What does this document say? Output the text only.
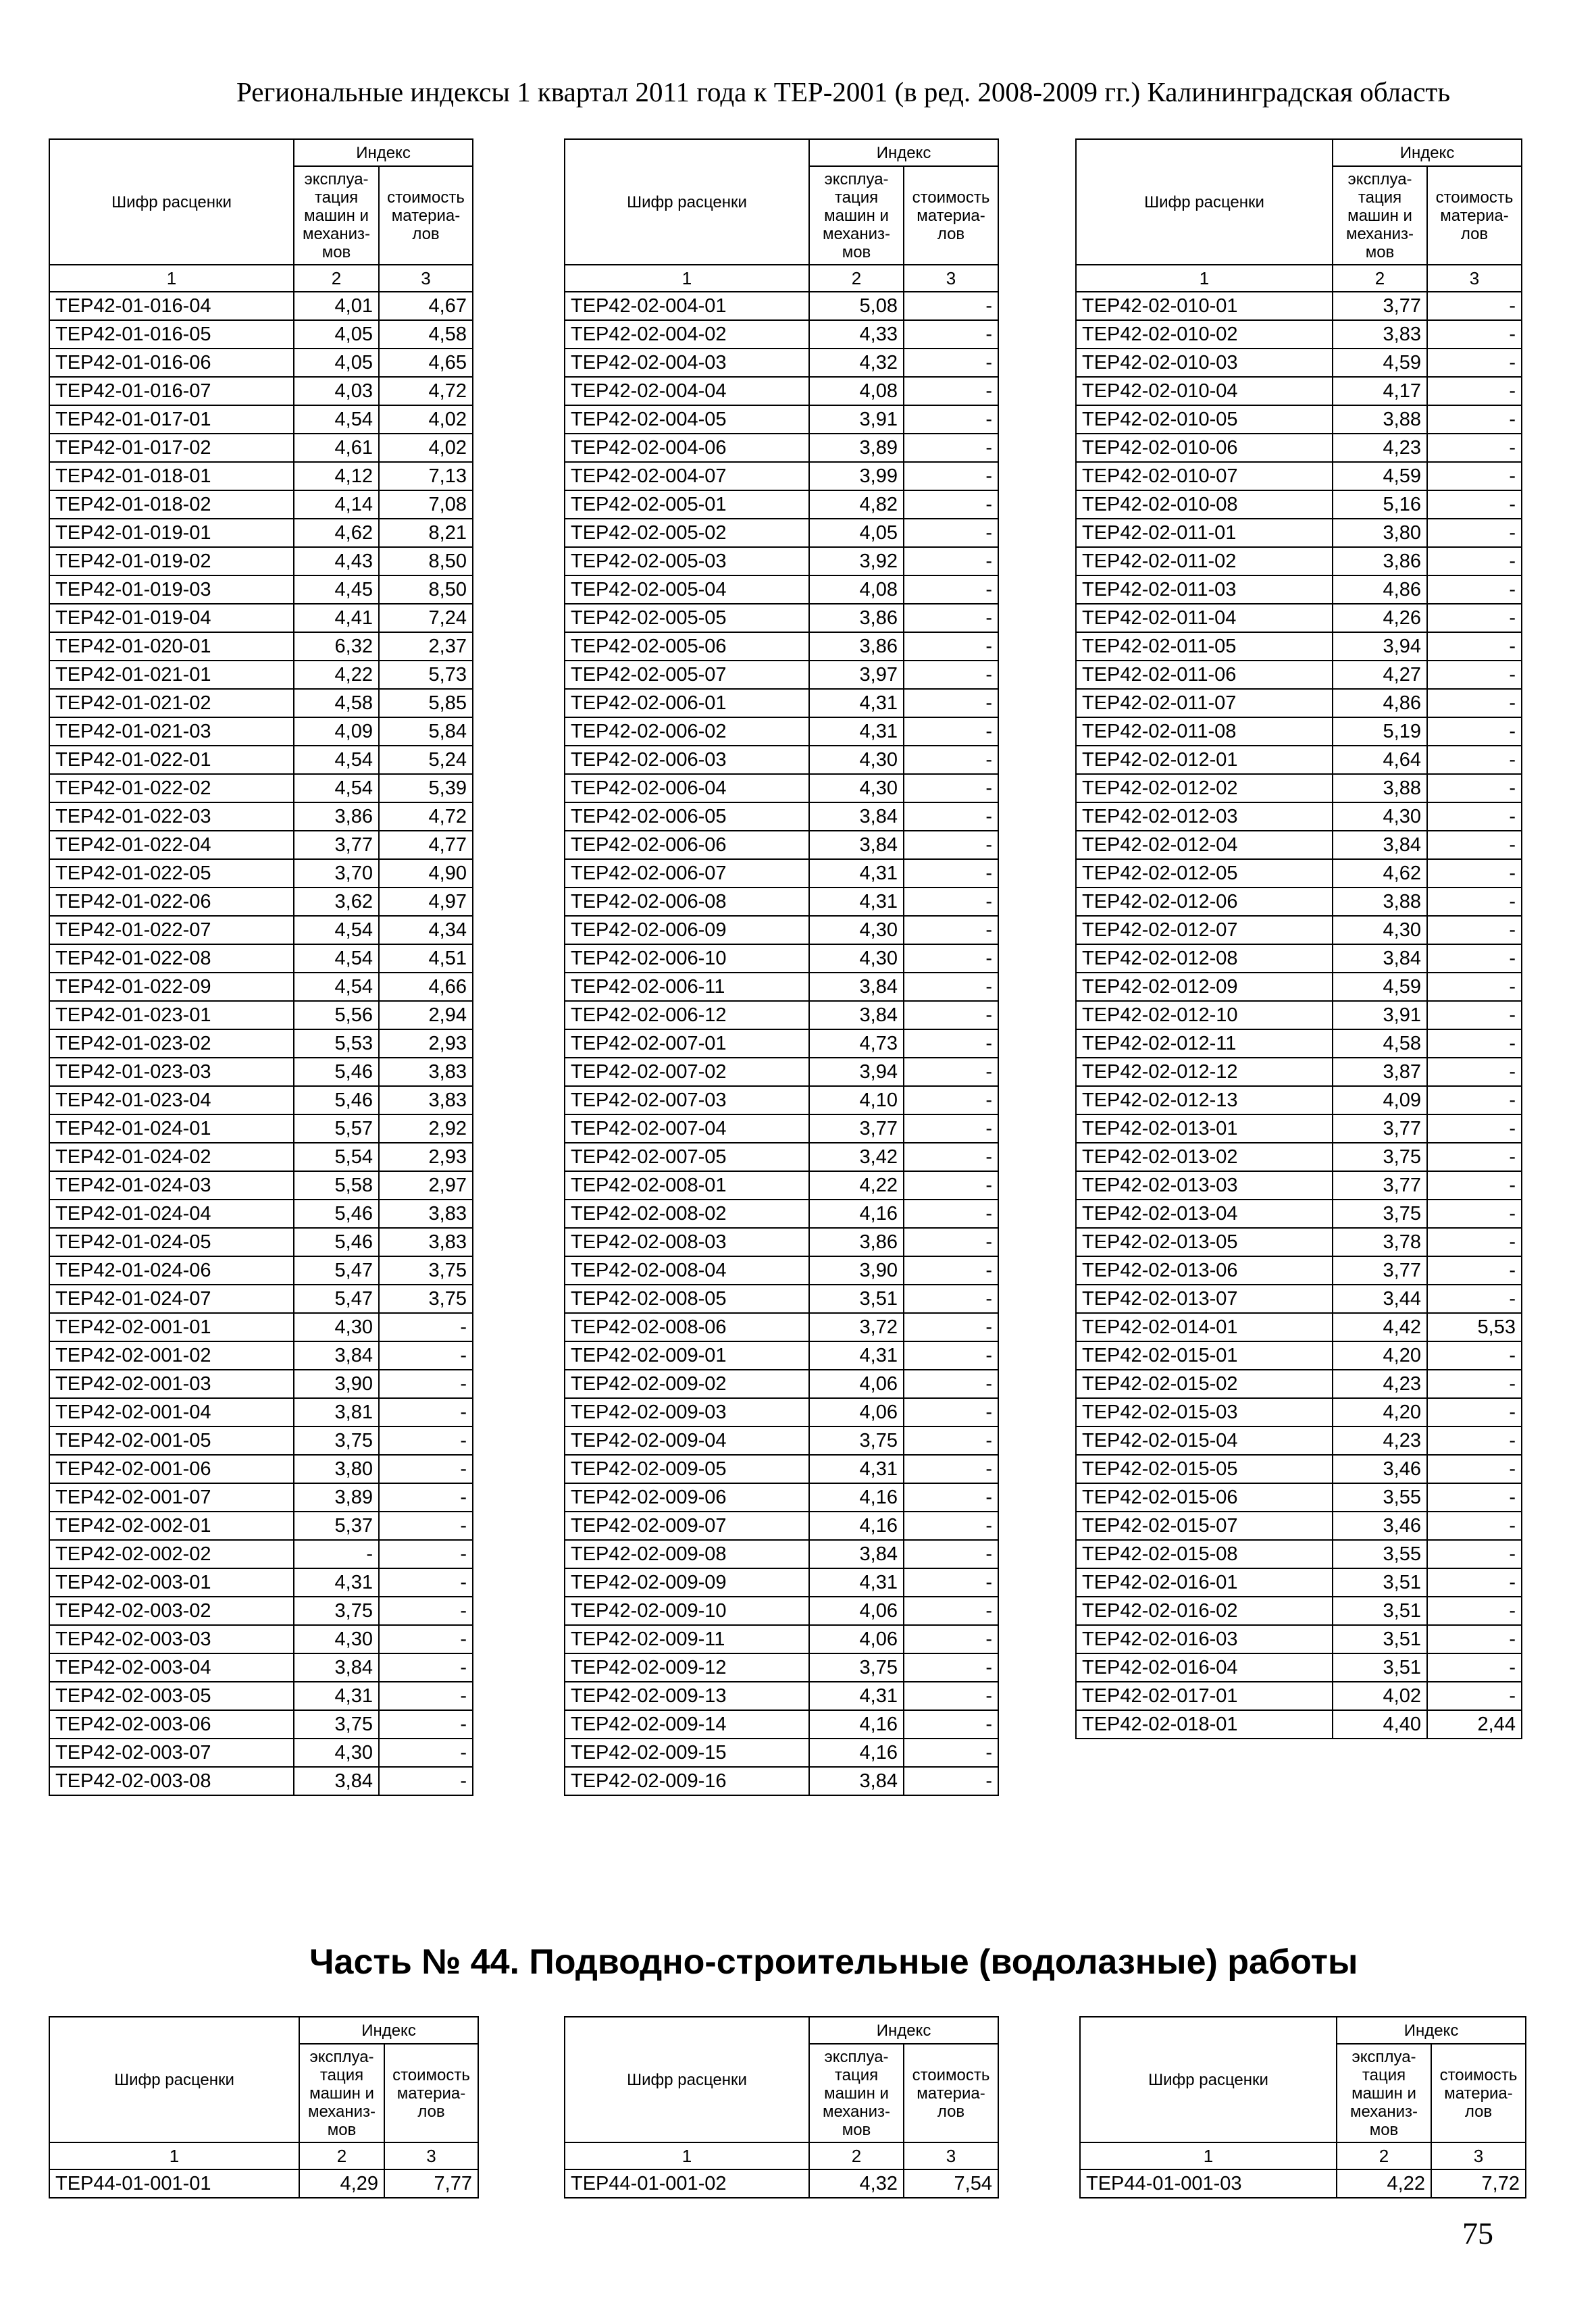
Региональные индексы 1 квартал 2011 года к ТЕР-2001 (в ред. 2008-2009 гг.) Калининградская область
Шифр расценки	Индекс	
	эксплуа-тация машин и механиз-мов	стоимость материа-лов
1	2	3
ТЕР42-01-016-04	4,01	4,67
ТЕР42-01-016-05	4,05	4,58
ТЕР42-01-016-06	4,05	4,65
ТЕР42-01-016-07	4,03	4,72
ТЕР42-01-017-01	4,54	4,02
ТЕР42-01-017-02	4,61	4,02
ТЕР42-01-018-01	4,12	7,13
ТЕР42-01-018-02	4,14	7,08
ТЕР42-01-019-01	4,62	8,21
ТЕР42-01-019-02	4,43	8,50
ТЕР42-01-019-03	4,45	8,50
ТЕР42-01-019-04	4,41	7,24
ТЕР42-01-020-01	6,32	2,37
ТЕР42-01-021-01	4,22	5,73
ТЕР42-01-021-02	4,58	5,85
ТЕР42-01-021-03	4,09	5,84
ТЕР42-01-022-01	4,54	5,24
ТЕР42-01-022-02	4,54	5,39
ТЕР42-01-022-03	3,86	4,72
ТЕР42-01-022-04	3,77	4,77
ТЕР42-01-022-05	3,70	4,90
ТЕР42-01-022-06	3,62	4,97
ТЕР42-01-022-07	4,54	4,34
ТЕР42-01-022-08	4,54	4,51
ТЕР42-01-022-09	4,54	4,66
ТЕР42-01-023-01	5,56	2,94
ТЕР42-01-023-02	5,53	2,93
ТЕР42-01-023-03	5,46	3,83
ТЕР42-01-023-04	5,46	3,83
ТЕР42-01-024-01	5,57	2,92
ТЕР42-01-024-02	5,54	2,93
ТЕР42-01-024-03	5,58	2,97
ТЕР42-01-024-04	5,46	3,83
ТЕР42-01-024-05	5,46	3,83
ТЕР42-01-024-06	5,47	3,75
ТЕР42-01-024-07	5,47	3,75
ТЕР42-02-001-01	4,30	-
ТЕР42-02-001-02	3,84	-
ТЕР42-02-001-03	3,90	-
ТЕР42-02-001-04	3,81	-
ТЕР42-02-001-05	3,75	-
ТЕР42-02-001-06	3,80	-
ТЕР42-02-001-07	3,89	-
ТЕР42-02-002-01	5,37	-
ТЕР42-02-002-02	-	-
ТЕР42-02-003-01	4,31	-
ТЕР42-02-003-02	3,75	-
ТЕР42-02-003-03	4,30	-
ТЕР42-02-003-04	3,84	-
ТЕР42-02-003-05	4,31	-
ТЕР42-02-003-06	3,75	-
ТЕР42-02-003-07	4,30	-
ТЕР42-02-003-08	3,84	-
Шифр расценки	Индекс	
	эксплуа-тация машин и механиз-мов	стоимость материа-лов
1	2	3
ТЕР42-02-004-01	5,08	-
ТЕР42-02-004-02	4,33	-
ТЕР42-02-004-03	4,32	-
ТЕР42-02-004-04	4,08	-
ТЕР42-02-004-05	3,91	-
ТЕР42-02-004-06	3,89	-
ТЕР42-02-004-07	3,99	-
ТЕР42-02-005-01	4,82	-
ТЕР42-02-005-02	4,05	-
ТЕР42-02-005-03	3,92	-
ТЕР42-02-005-04	4,08	-
ТЕР42-02-005-05	3,86	-
ТЕР42-02-005-06	3,86	-
ТЕР42-02-005-07	3,97	-
ТЕР42-02-006-01	4,31	-
ТЕР42-02-006-02	4,31	-
ТЕР42-02-006-03	4,30	-
ТЕР42-02-006-04	4,30	-
ТЕР42-02-006-05	3,84	-
ТЕР42-02-006-06	3,84	-
ТЕР42-02-006-07	4,31	-
ТЕР42-02-006-08	4,31	-
ТЕР42-02-006-09	4,30	-
ТЕР42-02-006-10	4,30	-
ТЕР42-02-006-11	3,84	-
ТЕР42-02-006-12	3,84	-
ТЕР42-02-007-01	4,73	-
ТЕР42-02-007-02	3,94	-
ТЕР42-02-007-03	4,10	-
ТЕР42-02-007-04	3,77	-
ТЕР42-02-007-05	3,42	-
ТЕР42-02-008-01	4,22	-
ТЕР42-02-008-02	4,16	-
ТЕР42-02-008-03	3,86	-
ТЕР42-02-008-04	3,90	-
ТЕР42-02-008-05	3,51	-
ТЕР42-02-008-06	3,72	-
ТЕР42-02-009-01	4,31	-
ТЕР42-02-009-02	4,06	-
ТЕР42-02-009-03	4,06	-
ТЕР42-02-009-04	3,75	-
ТЕР42-02-009-05	4,31	-
ТЕР42-02-009-06	4,16	-
ТЕР42-02-009-07	4,16	-
ТЕР42-02-009-08	3,84	-
ТЕР42-02-009-09	4,31	-
ТЕР42-02-009-10	4,06	-
ТЕР42-02-009-11	4,06	-
ТЕР42-02-009-12	3,75	-
ТЕР42-02-009-13	4,31	-
ТЕР42-02-009-14	4,16	-
ТЕР42-02-009-15	4,16	-
ТЕР42-02-009-16	3,84	-
Шифр расценки	Индекс	
	эксплуа-тация машин и механиз-мов	стоимость материа-лов
1	2	3
ТЕР42-02-010-01	3,77	-
ТЕР42-02-010-02	3,83	-
ТЕР42-02-010-03	4,59	-
ТЕР42-02-010-04	4,17	-
ТЕР42-02-010-05	3,88	-
ТЕР42-02-010-06	4,23	-
ТЕР42-02-010-07	4,59	-
ТЕР42-02-010-08	5,16	-
ТЕР42-02-011-01	3,80	-
ТЕР42-02-011-02	3,86	-
ТЕР42-02-011-03	4,86	-
ТЕР42-02-011-04	4,26	-
ТЕР42-02-011-05	3,94	-
ТЕР42-02-011-06	4,27	-
ТЕР42-02-011-07	4,86	-
ТЕР42-02-011-08	5,19	-
ТЕР42-02-012-01	4,64	-
ТЕР42-02-012-02	3,88	-
ТЕР42-02-012-03	4,30	-
ТЕР42-02-012-04	3,84	-
ТЕР42-02-012-05	4,62	-
ТЕР42-02-012-06	3,88	-
ТЕР42-02-012-07	4,30	-
ТЕР42-02-012-08	3,84	-
ТЕР42-02-012-09	4,59	-
ТЕР42-02-012-10	3,91	-
ТЕР42-02-012-11	4,58	-
ТЕР42-02-012-12	3,87	-
ТЕР42-02-012-13	4,09	-
ТЕР42-02-013-01	3,77	-
ТЕР42-02-013-02	3,75	-
ТЕР42-02-013-03	3,77	-
ТЕР42-02-013-04	3,75	-
ТЕР42-02-013-05	3,78	-
ТЕР42-02-013-06	3,77	-
ТЕР42-02-013-07	3,44	-
ТЕР42-02-014-01	4,42	5,53
ТЕР42-02-015-01	4,20	-
ТЕР42-02-015-02	4,23	-
ТЕР42-02-015-03	4,20	-
ТЕР42-02-015-04	4,23	-
ТЕР42-02-015-05	3,46	-
ТЕР42-02-015-06	3,55	-
ТЕР42-02-015-07	3,46	-
ТЕР42-02-015-08	3,55	-
ТЕР42-02-016-01	3,51	-
ТЕР42-02-016-02	3,51	-
ТЕР42-02-016-03	3,51	-
ТЕР42-02-016-04	3,51	-
ТЕР42-02-017-01	4,02	-
ТЕР42-02-018-01	4,40	2,44
Часть № 44. Подводно-строительные (водолазные) работы
Шифр расценки	Индекс	
	эксплуа-тация машин и механиз-мов	стоимость материа-лов
1	2	3
ТЕР44-01-001-01	4,29	7,77
Шифр расценки	Индекс	
	эксплуа-тация машин и механиз-мов	стоимость материа-лов
1	2	3
ТЕР44-01-001-02	4,32	7,54
Шифр расценки	Индекс	
	эксплуа-тация машин и механиз-мов	стоимость материа-лов
1	2	3
ТЕР44-01-001-03	4,22	7,72
75
